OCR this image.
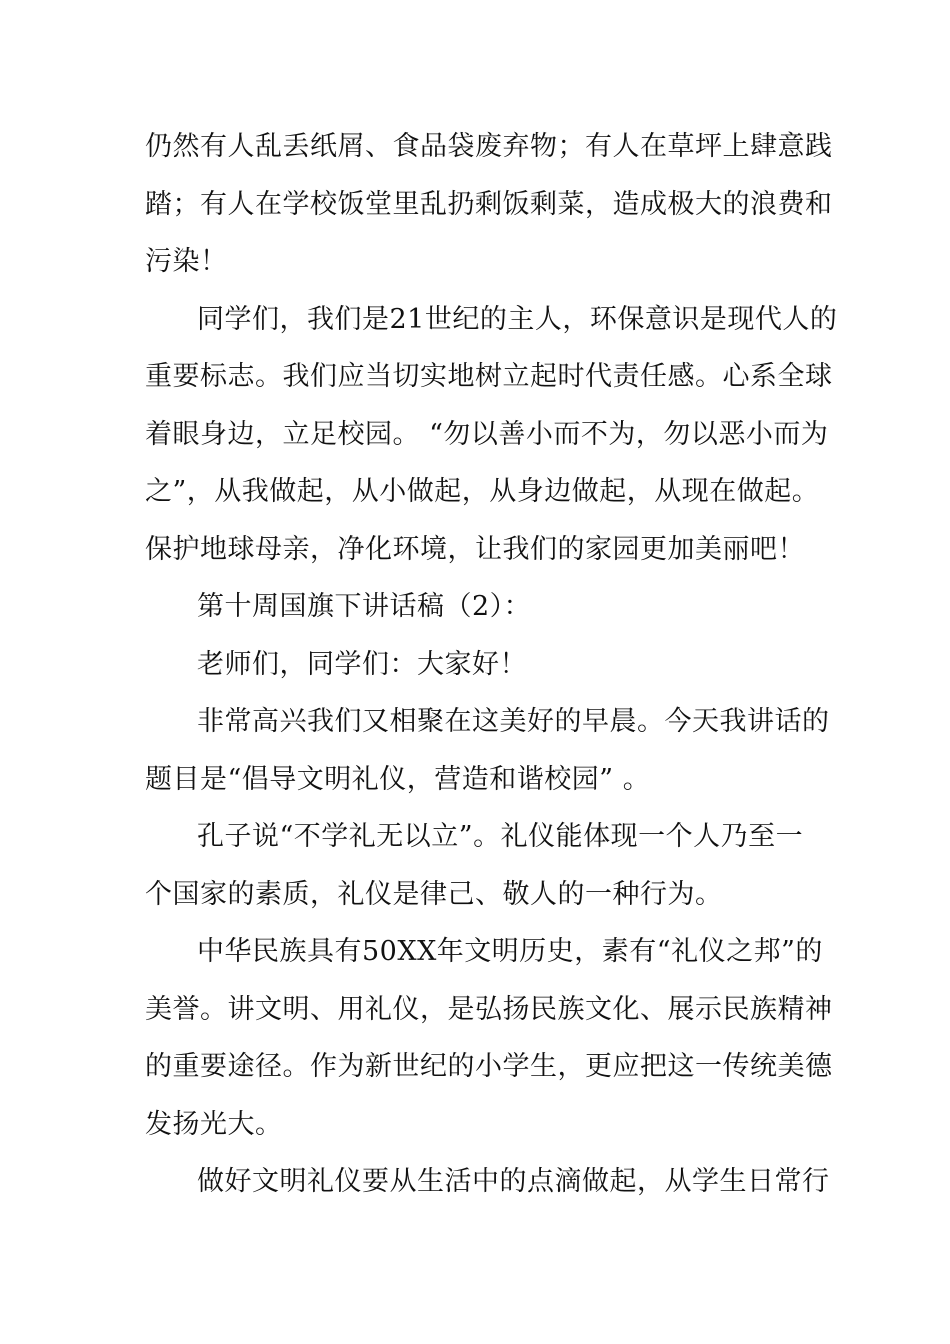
仍然有人乱丢纸屑、食品袋废弃物；有人在草坪上肆意践
踏；有人在学校饭堂里乱扔剩饭剩菜，造成极大的浪费和
污染！
同学们，我们是21世纪的主人，环保意识是现代人的
重要标志。我们应当切实地树立起时代责任感。心系全球
着眼身边，立足校园。 “勿以善小而不为，勿以恶小而为
之”，从我做起，从小做起，从身边做起，从现在做起。
保护地球母亲，净化环境，让我们的家园更加美丽吧！
第十周国旗下讲话稿（2）：
老师们，同学们：大家好！
非常高兴我们又相聚在这美好的早晨。今天我讲话的
题目是“倡导文明礼仪，营造和谐校园” 。
孔子说“不学礼无以立”。礼仪能体现一个人乃至一
个国家的素质，礼仪是律己、敬人的一种行为。
中华民族具有50XX年文明历史，素有“礼仪之邦”的
美誉。讲文明、用礼仪，是弘扬民族文化、展示民族精神
的重要途径。作为新世纪的小学生，更应把这一传统美德
发扬光大。
做好文明礼仪要从生活中的点滴做起，从学生日常行
